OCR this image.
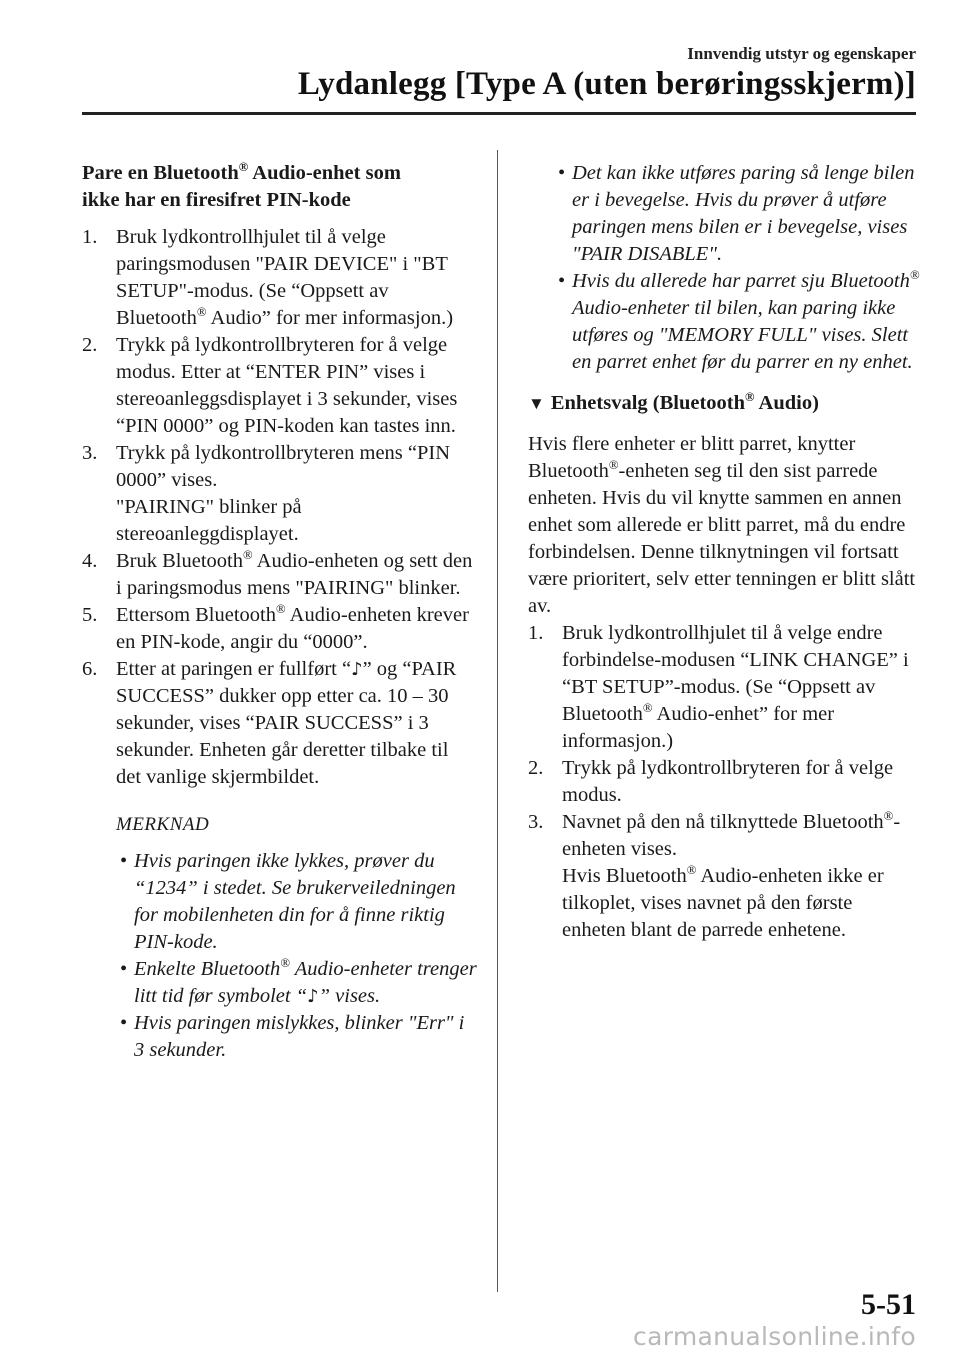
Innvendig utstyr og egenskaper
Lydanlegg [Type A (uten berøringsskjerm)]
Pare en Bluetooth® Audio-enhet som
ikke har en firesifret PIN-kode
1. Bruk lydkontrollhjulet til å velge paringsmodusen "PAIR DEVICE" i "BT SETUP"-modus. (Se “Oppsett av Bluetooth® Audio” for mer informasjon.)
2. Trykk på lydkontrollbryteren for å velge modus. Etter at “ENTER PIN” vises i stereoanleggsdisplayet i 3 sekunder, vises “PIN 0000” og PIN-koden kan tastes inn.
3. Trykk på lydkontrollbryteren mens “PIN 0000” vises.
"PAIRING" blinker på stereoanleggdisplayet.
4. Bruk Bluetooth® Audio-enheten og sett den i paringsmodus mens "PAIRING" blinker.
5. Ettersom Bluetooth® Audio-enheten krever en PIN-kode, angir du “0000”.
6. Etter at paringen er fullført “♪” og “PAIR SUCCESS” dukker opp etter ca. 10 – 30 sekunder, vises “PAIR SUCCESS” i 3 sekunder. Enheten går deretter tilbake til det vanlige skjermbildet.
MERKNAD
• Hvis paringen ikke lykkes, prøver du “1234” i stedet. Se brukerveiledningen for mobilenheten din for å finne riktig PIN-kode.
• Enkelte Bluetooth® Audio-enheter trenger litt tid før symbolet “♪” vises.
• Hvis paringen mislykkes, blinker "Err" i 3 sekunder.
• Det kan ikke utføres paring så lenge bilen er i bevegelse. Hvis du prøver å utføre paringen mens bilen er i bevegelse, vises "PAIR DISABLE".
• Hvis du allerede har parret sju Bluetooth® Audio-enheter til bilen, kan paring ikke utføres og "MEMORY FULL" vises. Slett en parret enhet før du parrer en ny enhet.
▼ Enhetsvalg (Bluetooth® Audio)
Hvis flere enheter er blitt parret, knytter Bluetooth®-enheten seg til den sist parrede enheten. Hvis du vil knytte sammen en annen enhet som allerede er blitt parret, må du endre forbindelsen. Denne tilknytningen vil fortsatt være prioritert, selv etter tenningen er blitt slått av.
1. Bruk lydkontrollhjulet til å velge endre forbindelse-modusen “LINK CHANGE” i “BT SETUP”-modus. (Se “Oppsett av Bluetooth® Audio-enhet” for mer informasjon.)
2. Trykk på lydkontrollbryteren for å velge modus.
3. Navnet på den nå tilknyttede Bluetooth®-enheten vises.
Hvis Bluetooth® Audio-enheten ikke er tilkoplet, vises navnet på den første enheten blant de parrede enhetene.
5-51
carmanualsonline.info
